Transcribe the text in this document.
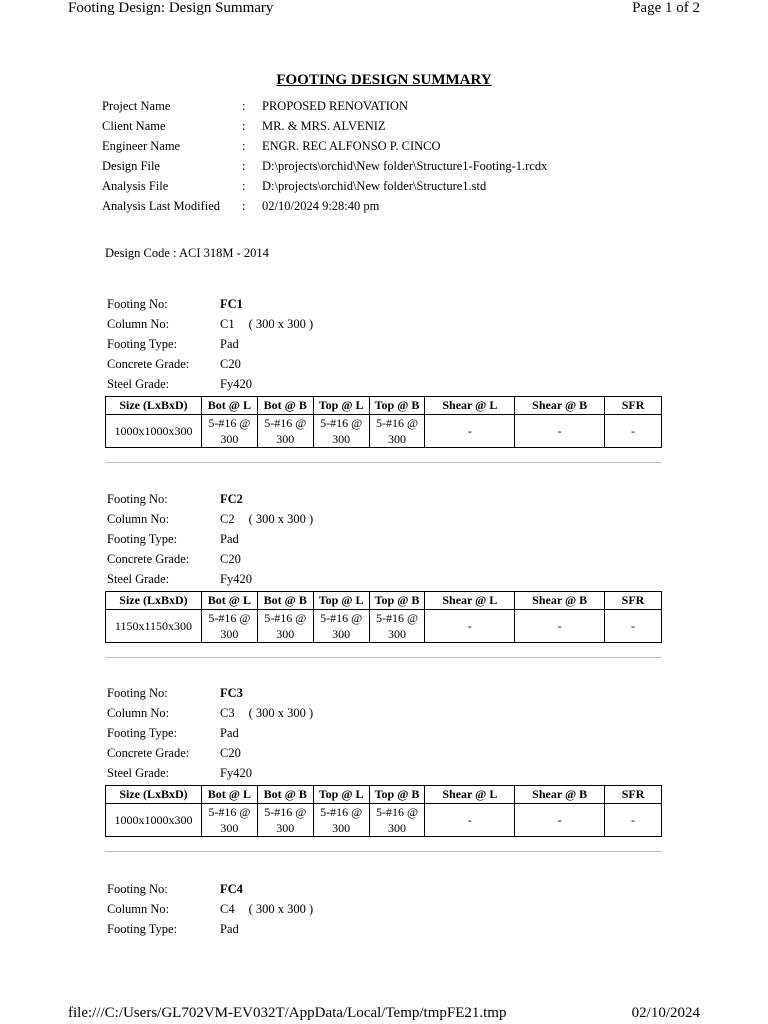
Footing Design: Design Summary	Page 1 of 2
FOOTING DESIGN SUMMARY
Project Name	: PROPOSED RENOVATION
Client Name	: MR. & MRS. ALVENIZ
Engineer Name	: ENGR. REC ALFONSO P. CINCO
Design File	: D:\projects\orchid\New folder\Structure1-Footing-1.rcdx
Analysis File	: D:\projects\orchid\New folder\Structure1.std
Analysis Last Modified : 02/10/2024 9:28:40 pm
Design Code : ACI 318M - 2014
Footing No:	FC1
Column No:	C1 ( 300 x 300 )
Footing Type:	Pad
Concrete Grade: C20
Steel Grade:	Fy420
Size (LxBxD)	Bot @ L	Bot @ B	Top @ L	Top @ B	Shear @ L	Shear @ B	SFR
1000x1000x300	5-#16 @ 300	5-#16 @ 300	5-#16 @ 300	5-#16 @ 300	-	-	-
Footing No:	FC2
Column No:	C2 ( 300 x 300 )
Footing Type:	Pad
Concrete Grade: C20
Steel Grade:	Fy420
Size (LxBxD)	Bot @ L	Bot @ B	Top @ L	Top @ B	Shear @ L	Shear @ B	SFR
1150x1150x300	5-#16 @ 300	5-#16 @ 300	5-#16 @ 300	5-#16 @ 300	-	-	-
Footing No:	FC3
Column No:	C3 ( 300 x 300 )
Footing Type:	Pad
Concrete Grade: C20
Steel Grade:	Fy420
Size (LxBxD)	Bot @ L	Bot @ B	Top @ L	Top @ B	Shear @ L	Shear @ B	SFR
1000x1000x300	5-#16 @ 300	5-#16 @ 300	5-#16 @ 300	5-#16 @ 300	-	-	-
Footing No:	FC4
Column No:	C4 ( 300 x 300 )
Footing Type:	Pad
file:///C:/Users/GL702VM-EV032T/AppData/Local/Temp/tmpFE21.tmp	02/10/2024
